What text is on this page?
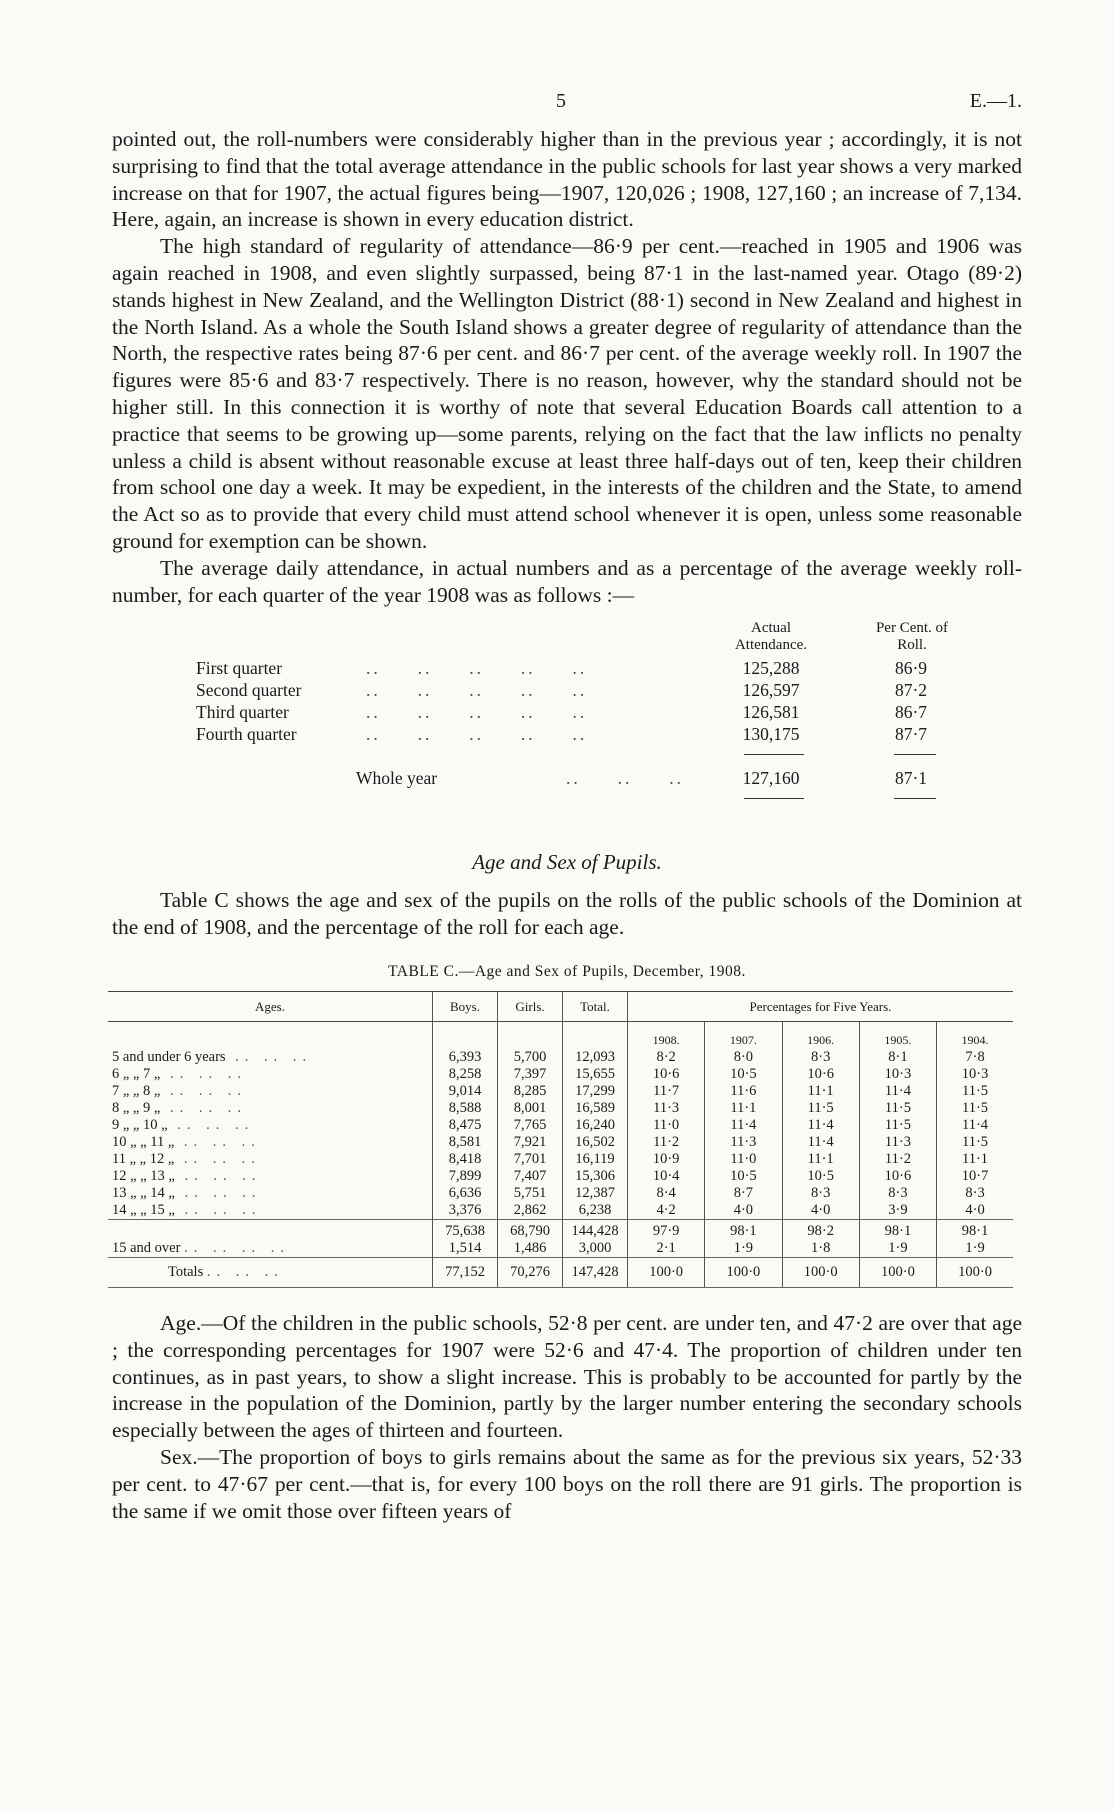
5	E.—1.

pointed out, the roll-numbers were considerably higher than in the previous year ; accordingly, it is not surprising to find that the total average attendance in the public schools for last year shows a very marked increase on that for 1907, the actual figures being—1907, 120,026 ; 1908, 127,160 ; an increase of 7,134. Here, again, an increase is shown in every education district.

The high standard of regularity of attendance—86·9 per cent.—reached in 1905 and 1906 was again reached in 1908, and even slightly surpassed, being 87·1 in the last-named year. Otago (89·2) stands highest in New Zealand, and the Wellington District (88·1) second in New Zealand and highest in the North Island. As a whole the South Island shows a greater degree of regularity of attendance than the North, the respective rates being 87·6 per cent. and 86·7 per cent. of the average weekly roll. In 1907 the figures were 85·6 and 83·7 respectively. There is no reason, however, why the standard should not be higher still. In this connection it is worthy of note that several Education Boards call attention to a practice that seems to be growing up—some parents, relying on the fact that the law inflicts no penalty unless a child is absent without reasonable excuse at least three half-days out of ten, keep their children from school one day a week. It may be expedient, in the interests of the children and the State, to amend the Act so as to provide that every child must attend school whenever it is open, unless some reasonable ground for exemption can be shown.

The average daily attendance, in actual numbers and as a percentage of the average weekly roll-number, for each quarter of the year 1908 was as follows :—

Actual Attendance.
Per Cent. of Roll.
First quarter	..     ..     ..     ..     ..	125,288	86·9
Second quarter	..     ..     ..     ..     ..	126,597	87·2
Third quarter	..     ..     ..     ..     ..	126,581	86·7
Fourth quarter	..     ..     ..     ..     ..	130,175	87·7
Whole year	..     ..     ..	127,160	87·1
Age and Sex of Pupils.

Table C shows the age and sex of the pupils on the rolls of the public schools of the Dominion at the end of 1908, and the percentage of the roll for each age.

TABLE C.—Age and Sex of Pupils, December, 1908.

Ages.	Boys.	Girls.	Total.	Percentages for Five Years.				
				1908.	1907.	1906.	1905.	1904.
5 and under 6 years .. .. ..	6,393	5,700	12,093	8·2	8·0	8·3	8·1	7·8
6 „ „ 7 „ .. .. ..	8,258	7,397	15,655	10·6	10·5	10·6	10·3	10·3
7 „ „ 8 „ .. .. ..	9,014	8,285	17,299	11·7	11·6	11·1	11·4	11·5
8 „ „ 9 „ .. .. ..	8,588	8,001	16,589	11·3	11·1	11·5	11·5	11·5
9 „ „ 10 „ .. .. ..	8,475	7,765	16,240	11·0	11·4	11·4	11·5	11·4
10 „ „ 11 „ .. .. ..	8,581	7,921	16,502	11·2	11·3	11·4	11·3	11·5
11 „ „ 12 „ .. .. ..	8,418	7,701	16,119	10·9	11·0	11·1	11·2	11·1
12 „ „ 13 „ .. .. ..	7,899	7,407	15,306	10·4	10·5	10·5	10·6	10·7
13 „ „ 14 „ .. .. ..	6,636	5,751	12,387	8·4	8·7	8·3	8·3	8·3
14 „ „ 15 „ .. .. ..	3,376	2,862	6,238	4·2	4·0	4·0	3·9	4·0
	75,638	68,790	144,428	97·9	98·1	98·2	98·1	98·1
15 and over .. .. .. ..	1,514	1,486	3,000	2·1	1·9	1·8	1·9	1·9
Totals .. .. ..	77,152	70,276	147,428	100·0	100·0	100·0	100·0	100·0

Age.—Of the children in the public schools, 52·8 per cent. are under ten, and 47·2 are over that age ; the corresponding percentages for 1907 were 52·6 and 47·4. The proportion of children under ten continues, as in past years, to show a slight increase. This is probably to be accounted for partly by the increase in the population of the Dominion, partly by the larger number entering the secondary schools especially between the ages of thirteen and fourteen.

Sex.—The proportion of boys to girls remains about the same as for the previous six years, 52·33 per cent. to 47·67 per cent.—that is, for every 100 boys on the roll there are 91 girls. The proportion is the same if we omit those over fifteen years of
